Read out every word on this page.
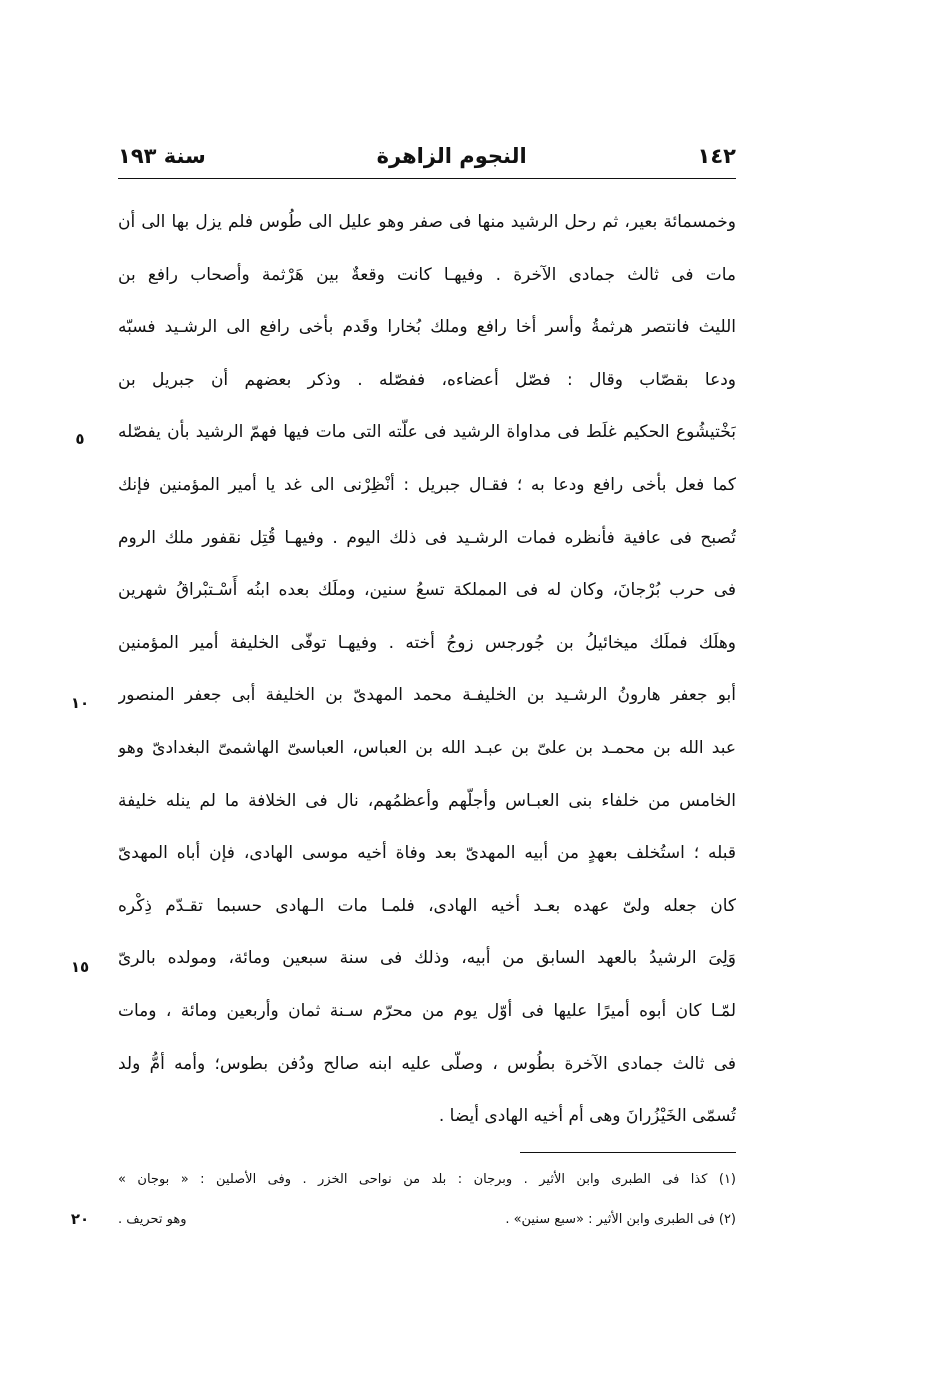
١٤٢
النجوم الزاهرة
سنة ١٩٣
وخمسمائة بعير، ثم رحل الرشيد منها فى صفر وهو عليل الى طُوس فلم يزل بها الى أن
مات فى ثالث جمادى الآخرة . وفيهـا كانت وقعةٌ بين هَرْثمة وأصحاب رافع بن
الليث فانتصر هرثمةُ وأسر أخا رافع وملك بُخارا وقَدم بأخى رافع الى الرشـيد فسبّه
ودعا بقصّاب وقال : فصّل أعضاءه، ففصّله . وذكر بعضهم أن جبريل بن
بَخْتيشُوع الحكيم غلَط فى مداواة الرشيد فى علّته التى مات فيها فهمّ الرشيد بأن يفصّله
كما فعل بأخى رافع ودعا به ؛ فقـال جبريل : أنْظِرْنى الى غد يا أمير المؤمنين فإنك
تُصبح فى عافية فأنظره فمات الرشـيد فى ذلك اليوم . وفيهـا قُتِل نقفور ملك الروم
فى حرب بُرْجانَ، وكان له فى المملكة تسعُ سنين، وملَك بعده ابنُه أَسْـتبْراقُ شهرين
وهلَك فملَك ميخائيلُ بن جُورجس زوجُ أخته . وفيهـا توفّى الخليفة أمير المؤمنين
أبو جعفر هارونُ الرشـيد بن الخليفـة محمد المهدىّ بن الخليفة أبى جعفر المنصور
عبد الله بن محمـد بن علىّ بن عبـد الله بن العباس، العباسىّ الهاشمىّ البغدادىّ وهو
الخامس من خلفاء بنى العبـاس وأجلّهم وأعظمُهم، نال فى الخلافة ما لم ينله خليفة
قبله ؛ استُخلف بعهدٍ من أبيه المهدىّ بعد وفاة أخيه موسى الهادى، فإن أباه المهدىّ
كان جعله ولىّ عهده بعـد أخيه الهادى، فلمـا مات الـهادى حسبما تقـدّم ذِكْره
وَلِىَ الرشيدُ بالعهد السابق من أبيه، وذلك فى سنة سبعين ومائة، ومولده بالرىّ
لمّـا كان أبوه أميرًا عليها فى أوّل يوم من محرّم سـنة ثمان وأربعين ومائة ، ومات
فى ثالث جمادى الآخرة بطُوس ، وصلّى عليه ابنه صالح ودُفن بطوس؛ وأمه أمُّ ولد
تُسمّى الخَيْزُرانَ وهى أم أخيه الهادى أيضا .
٥
١٠
١٥
٢٠
(١) كذا فى الطبرى وابن الأثير . وبرجان : بلد من نواحى الخزر . وفى الأصلين : « بوجان »
(٢) فى الطبرى وابن الأثير : «سبع سنين» .
وهو تحريف .
